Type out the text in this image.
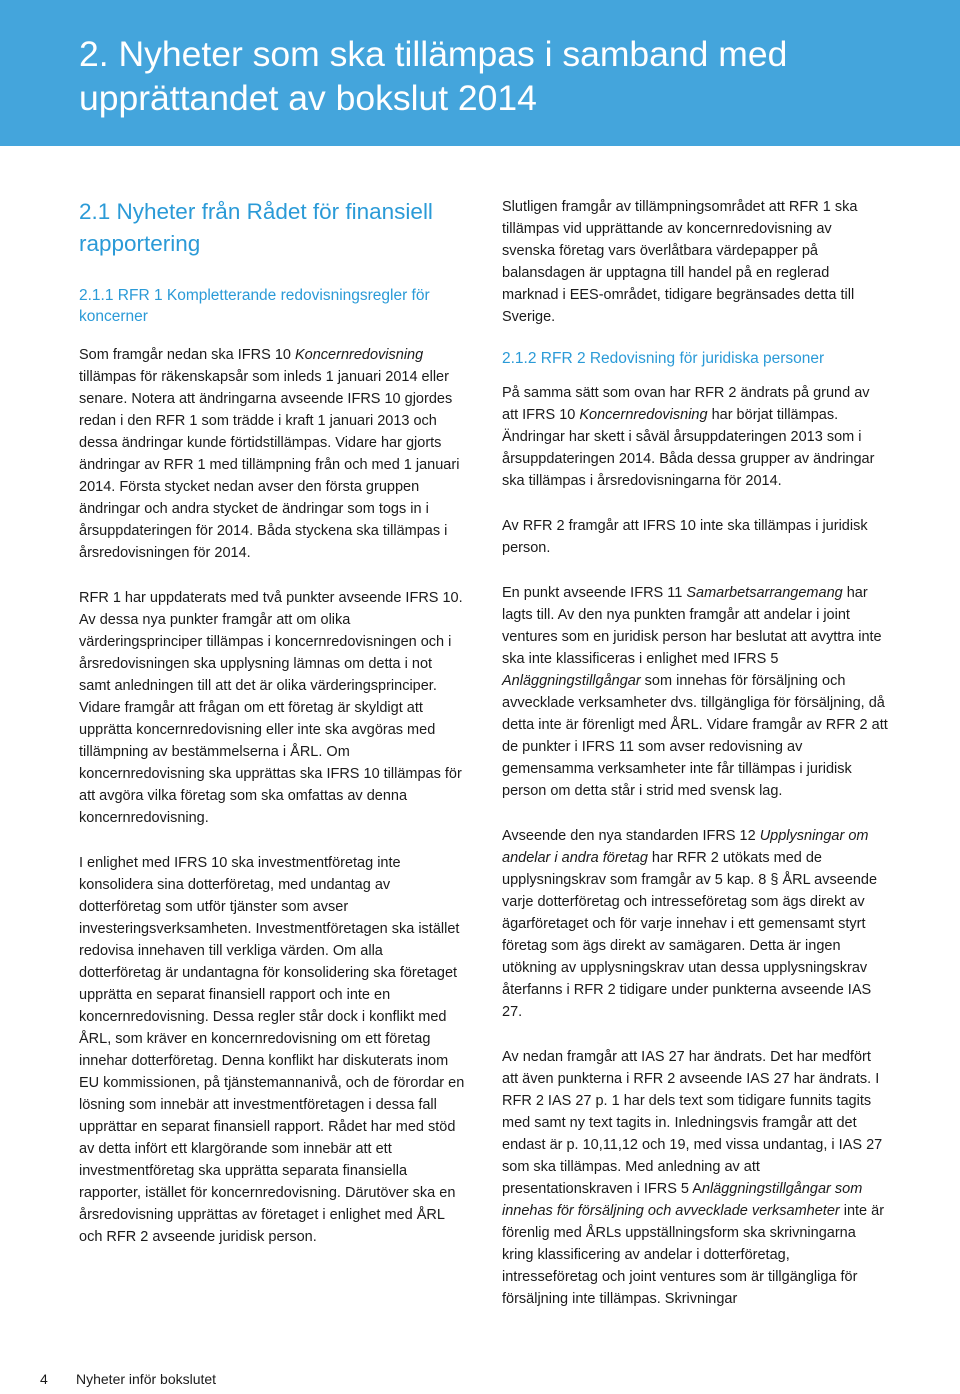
2. Nyheter som ska tillämpas i samband med upprättandet av bokslut 2014
2.1 Nyheter från Rådet för finansiell rapportering
2.1.1 RFR 1 Kompletterande redovisningsregler för koncerner

Som framgår nedan ska IFRS 10 Koncernredovisning tillämpas för räkenskapsår som inleds 1 januari 2014 eller senare. Notera att ändringarna avseende IFRS 10 gjordes redan i den RFR 1 som trädde i kraft 1 januari 2013 och dessa ändringar kunde förtidstillämpas. Vidare har gjorts ändringar av RFR 1 med tillämpning från och med 1 januari 2014. Första stycket nedan avser den första gruppen ändringar och andra stycket de ändringar som togs in i årsuppdateringen för 2014. Båda styckena ska tillämpas i årsredovisningen för 2014.

RFR 1 har uppdaterats med två punkter avseende IFRS 10. Av dessa nya punkter framgår att om olika värderingsprinciper tillämpas i koncernredovisningen och i årsredovisningen ska upplysning lämnas om detta i not samt anledningen till att det är olika värderingsprinciper. Vidare framgår att frågan om ett företag är skyldigt att upprätta koncernredovisning eller inte ska avgöras med tillämpning av bestämmelserna i ÅRL. Om koncernredovisning ska upprättas ska IFRS 10 tillämpas för att avgöra vilka företag som ska omfattas av denna koncernredovisning.

I enlighet med IFRS 10 ska investmentföretag inte konsolidera sina dotterföretag, med undantag av dotterföretag som utför tjänster som avser investeringsverksamheten. Investmentföretagen ska istället redovisa innehaven till verkliga värden. Om alla dotterföretag är undantagna för konsolidering ska företaget upprätta en separat finansiell rapport och inte en koncernredovisning. Dessa regler står dock i konflikt med ÅRL, som kräver en koncernredovisning om ett företag innehar dotterföretag. Denna konflikt har diskuterats inom EU kommissionen, på tjänstemannanivå, och de förordar en lösning som innebär att investmentföretagen i dessa fall upprättar en separat finansiell rapport. Rådet har med stöd av detta infört ett klargörande som innebär att ett investmentföretag ska upprätta separata finansiella rapporter, istället för koncernredovisning. Därutöver ska en årsredovisning upprättas av företaget i enlighet med ÅRL och RFR 2 avseende juridisk person.

Slutligen framgår av tillämpningsområdet att RFR 1 ska tillämpas vid upprättande av koncernredovisning av svenska företag vars överlåtbara värdepapper på balansdagen är upptagna till handel på en reglerad marknad i EES-området, tidigare begränsades detta till Sverige.

2.1.2 RFR 2 Redovisning för juridiska personer

På samma sätt som ovan har RFR 2 ändrats på grund av att IFRS 10 Koncernredovisning har börjat tillämpas. Ändringar har skett i såväl årsuppdateringen 2013 som i årsuppdateringen 2014. Båda dessa grupper av ändringar ska tillämpas i årsredovisningarna för 2014.

Av RFR 2 framgår att IFRS 10 inte ska tillämpas i juridisk person.

En punkt avseende IFRS 11 Samarbetsarrangemang har lagts till. Av den nya punkten framgår att andelar i joint ventures som en juridisk person har beslutat att avyttra inte ska inte klassificeras i enlighet med IFRS 5 Anläggningstillgångar som innehas för försäljning och avvecklade verksamheter dvs. tillgängliga för försäljning, då detta inte är förenligt med ÅRL. Vidare framgår av RFR 2 att de punkter i IFRS 11 som avser redovisning av gemensamma verksamheter inte får tillämpas i juridisk person om detta står i strid med svensk lag.

Avseende den nya standarden IFRS 12 Upplysningar om andelar i andra företag har RFR 2 utökats med de upplysningskrav som framgår av 5 kap. 8 § ÅRL avseende varje dotterföretag och intresseföretag som ägs direkt av ägarföretaget och för varje innehav i ett gemensamt styrt företag som ägs direkt av samägaren. Detta är ingen utökning av upplysningskrav utan dessa upplysningskrav återfanns i RFR 2 tidigare under punkterna avseende IAS 27.

Av nedan framgår att IAS 27 har ändrats. Det har medfört att även punkterna i RFR 2 avseende IAS 27 har ändrats. I RFR 2 IAS 27 p. 1 har dels text som tidigare funnits tagits med samt ny text tagits in. Inledningsvis framgår att det endast är p. 10,11,12 och 19, med vissa undantag, i IAS 27 som ska tillämpas. Med anledning av att presentationskraven i IFRS 5 Anläggningstillgångar som innehas för försäljning och avvecklade verksamheter inte är förenlig med ÅRLs uppställningsform ska skrivningarna kring klassificering av andelar i dotterföretag, intresseföretag och joint ventures som är tillgängliga för försäljning inte tillämpas. Skrivningar

4 Nyheter inför bokslutet
